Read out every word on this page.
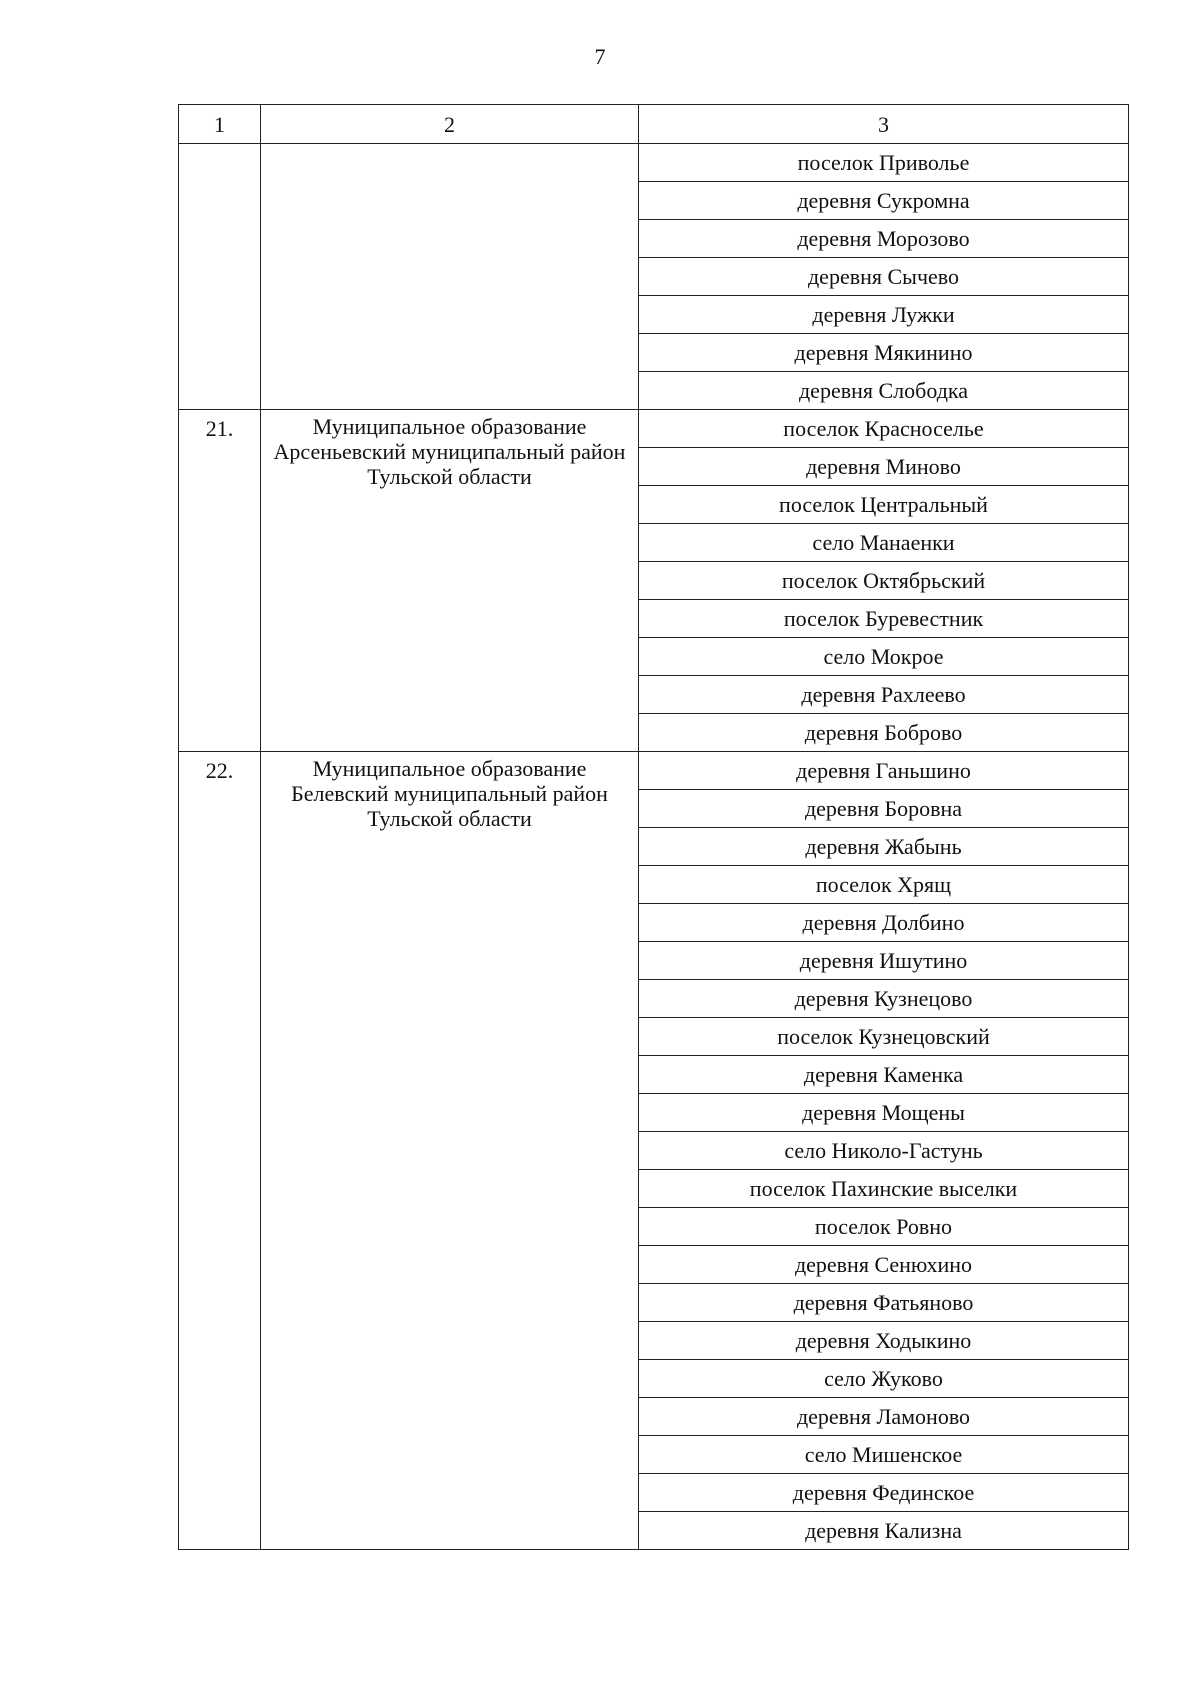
7
1	2	3
		поселок Приволье
		деревня Сукромна
		деревня Морозово
		деревня Сычево
		деревня Лужки
		деревня Мякинино
		деревня Слободка
21.	Муниципальное образование Арсеньевский муниципальный район Тульской области	поселок Красноселье
		деревня Миново
		поселок Центральный
		село Манаенки
		поселок Октябрьский
		поселок Буревестник
		село Мокрое
		деревня Рахлеево
		деревня Боброво
22.	Муниципальное образование Белевский муниципальный район Тульской области	деревня Ганьшино
		деревня Боровна
		деревня Жабынь
		поселок Хрящ
		деревня Долбино
		деревня Ишутино
		деревня Кузнецово
		поселок Кузнецовский
		деревня Каменка
		деревня Мощены
		село Николо-Гастунь
		поселок Пахинские выселки
		поселок Ровно
		деревня Сенюхино
		деревня Фатьяново
		деревня Ходыкино
		село Жуково
		деревня Ламоново
		село Мишенское
		деревня Фединское
		деревня Кализна
